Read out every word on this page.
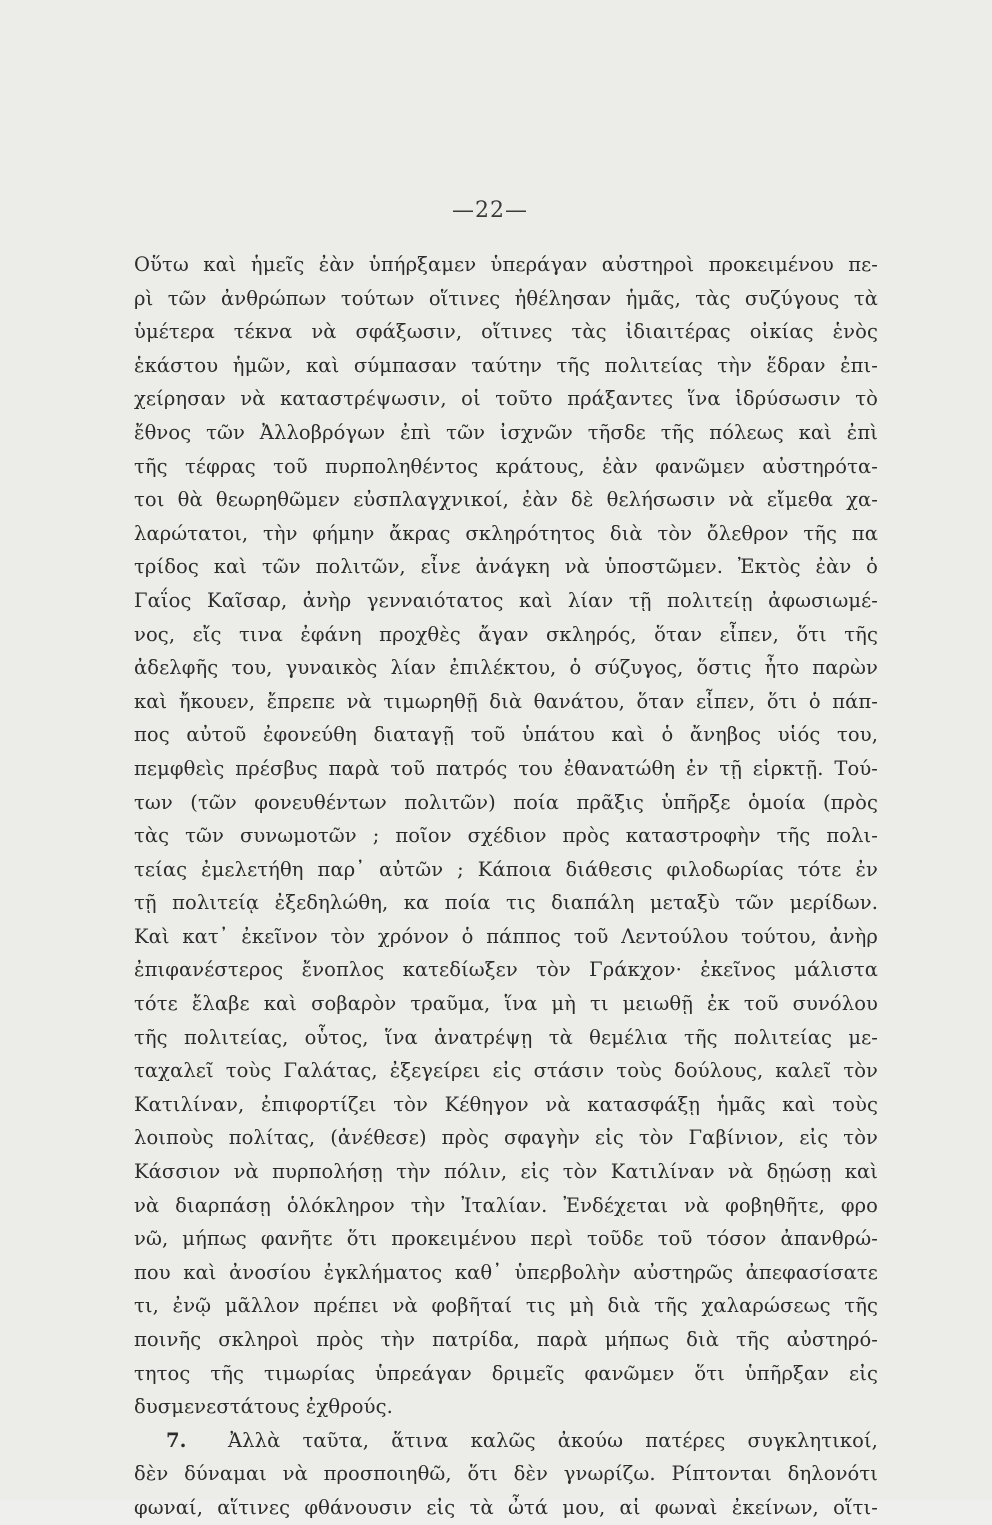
—22—
Οὕτω καὶ ἡμεῖς ἐὰν ὑπήρξαμεν ὑπεράγαν αὐστηροὶ προκειμένου πε-
ρὶ τῶν ἀνθρώπων τούτων οἵτινες ἠθέλησαν ἡμᾶς, τὰς συζύγους τὰ
ὑμέτερα τέκνα νὰ σφάξωσιν, οἵτινες τὰς ἰδιαιτέρας οἰκίας ἑνὸς
ἑκάστου ἡμῶν, καὶ σύμπασαν ταύτην τῆς πολιτείας τὴν ἕδραν ἐπι-
χείρησαν νὰ καταστρέψωσιν, οἱ τοῦτο πράξαντες ἵνα ἱδρύσωσιν τὸ
ἔθνος τῶν Ἀλλοβρόγων ἐπὶ τῶν ἰσχνῶν τῆσδε τῆς πόλεως καὶ ἐπὶ
τῆς τέφρας τοῦ πυρποληθέντος κράτους, ἐὰν φανῶμεν αὐστηρότα-
τοι θὰ θεωρηθῶμεν εὐσπλαγχνικοί, ἐὰν δὲ θελήσωσιν νὰ εἴμεθα χα-
λαρώτατοι, τὴν φήμην ἄκρας σκληρότητος διὰ τὸν ὄλεθρον τῆς πα
τρίδος καὶ τῶν πολιτῶν, εἶνε ἀνάγκη νὰ ὑποστῶμεν. Ἐκτὸς ἐὰν ὁ
Γαΐος Καῖσαρ, ἀνὴρ γενναιότατος καὶ λίαν τῇ πολιτείῃ ἀφωσιωμέ-
νος, εἴς τινα ἐφάνη προχθὲς ἄγαν σκληρός, ὅταν εἶπεν, ὅτι τῆς
ἀδελφῆς του, γυναικὸς λίαν ἐπιλέκτου, ὁ σύζυγος, ὅστις ἦτο παρὼν
καὶ ἤκουεν, ἔπρεπε νὰ τιμωρηθῇ διὰ θανάτου, ὅταν εἶπεν, ὅτι ὁ πάπ-
πος αὐτοῦ ἐφονεύθη διαταγῇ τοῦ ὑπάτου καὶ ὁ ἄνηβος υἱός του,
πεμφθεὶς πρέσβυς παρὰ τοῦ πατρός του ἐθανατώθη ἐν τῇ εἱρκτῇ. Τού-
των (τῶν φονευθέντων πολιτῶν) ποία πρᾶξις ὑπῆρξε ὁμοία (πρὸς
τὰς τῶν συνωμοτῶν ; ποῖον σχέδιον πρὸς καταστροφὴν τῆς πολι-
τείας ἐμελετήθη παρ᾽ αὐτῶν ; Κάποια διάθεσις φιλοδωρίας τότε ἐν
τῇ πολιτείᾳ ἐξεδηλώθη, κα ποία τις διαπάλη μεταξὺ τῶν μερίδων.
Καὶ κατ᾽ ἐκεῖνον τὸν χρόνον ὁ πάππος τοῦ Λεντούλου τούτου, ἀνὴρ
ἐπιφανέστερος ἔνοπλος κατεδίωξεν τὸν Γράκχον· ἐκεῖνος μάλιστα
τότε ἔλαβε καὶ σοβαρὸν τραῦμα, ἵνα μὴ τι μειωθῇ ἐκ τοῦ συνόλου
τῆς πολιτείας, οὗτος, ἵνα ἀνατρέψῃ τὰ θεμέλια τῆς πολιτείας με-
ταχαλεῖ τοὺς Γαλάτας, ἐξεγείρει εἰς στάσιν τοὺς δούλους, καλεῖ τὸν
Κατιλίναν, ἐπιφορτίζει τὸν Κέθηγον νὰ κατασφάξῃ ἡμᾶς καὶ τοὺς
λοιποὺς πολίτας, (ἀνέθεσε) πρὸς σφαγὴν εἰς τὸν Γαβίνιον, εἰς τὸν
Κάσσιον νὰ πυρπολήσῃ τὴν πόλιν, εἰς τὸν Κατιλίναν νὰ δῃώσῃ καὶ
νὰ διαρπάσῃ ὁλόκληρον τὴν Ἰταλίαν. Ἐνδέχεται νὰ φοβηθῆτε, φρο
νῶ, μήπως φανῆτε ὅτι προκειμένου περὶ τοῦδε τοῦ τόσον ἀπανθρώ-
που καὶ ἀνοσίου ἐγκλήματος καθ᾽ ὑπερβολὴν αὐστηρῶς ἀπεφασίσατε
τι, ἐνῷ μᾶλλον πρέπει νὰ φοβῆταί τις μὴ διὰ τῆς χαλαρώσεως τῆς
ποινῆς σκληροὶ πρὸς τὴν πατρίδα, παρὰ μήπως διὰ τῆς αὐστηρό-
τητος τῆς τιμωρίας ὑπρεάγαν δριμεῖς φανῶμεν ὅτι ὑπῆρξαν εἰς
δυσμενεστάτους ἐχθρούς.
7. Ἀλλὰ ταῦτα, ἅτινα καλῶς ἀκούω πατέρες συγκλητικοί,
δὲν δύναμαι νὰ προσποιηθῶ, ὅτι δὲν γνωρίζω. Ρίπτονται δηλονότι
φωναί, αἵτινες φθάνουσιν εἰς τὰ ὦτά μου, αἱ φωναὶ ἐκείνων, οἵτι-
